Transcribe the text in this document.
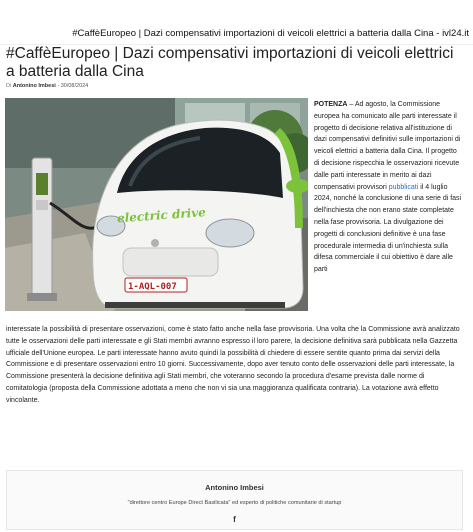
#CaffèEuropeo | Dazi compensativi importazioni di veicoli elettrici a batteria dalla Cina - ivl24.it
#CaffèEuropeo | Dazi compensativi importazioni di veicoli elettrici a batteria dalla Cina
Di Antonino Imbesi - 30/08/2024
electric drive
1-AQL-007
POTENZA – Ad agosto, la Commissione europea ha comunicato alle parti interessate il progetto di decisione relativa all'istituzione di dazi compensativi definitivi sulle importazioni di veicoli elettrici a batteria dalla Cina. Il progetto di decisione rispecchia le osservazioni ricevute dalle parti interessate in merito ai dazi compensativi provvisori pubblicati il 4 luglio 2024, nonché la conclusione di una serie di fasi dell'inchiesta che non erano state completate nella fase provvisoria. La divulgazione dei progetti di conclusioni definitive è una fase procedurale intermedia di un'inchiesta sulla difesa commerciale il cui obiettivo è dare alle parti
interessate la possibilità di presentare osservazioni, come è stato fatto anche nella fase provvisoria. Una volta che la Commissione avrà analizzato tutte le osservazioni delle parti interessate e gli Stati membri avranno espresso il loro parere, la decisione definitiva sarà pubblicata nella Gazzetta ufficiale dell'Unione europea. Le parti interessate hanno avuto quindi la possibilità di chiedere di essere sentite quanto prima dai servizi della Commissione e di presentare osservazioni entro 10 giorni. Successivamente, dopo aver tenuto conto delle osservazioni delle parti interessate, la Commissione presenterà la decisione definitiva agli Stati membri, che voteranno secondo la procedura d'esame prevista dalle norme di comitatologia (proposta della Commissione adottata a meno che non vi sia una maggioranza qualificata contraria). La votazione avrà effetto vincolante.
Antonino Imbesi
"direttore centro Europe Direct Basilicata" ed esperto di politiche comunitarie di startup
f
